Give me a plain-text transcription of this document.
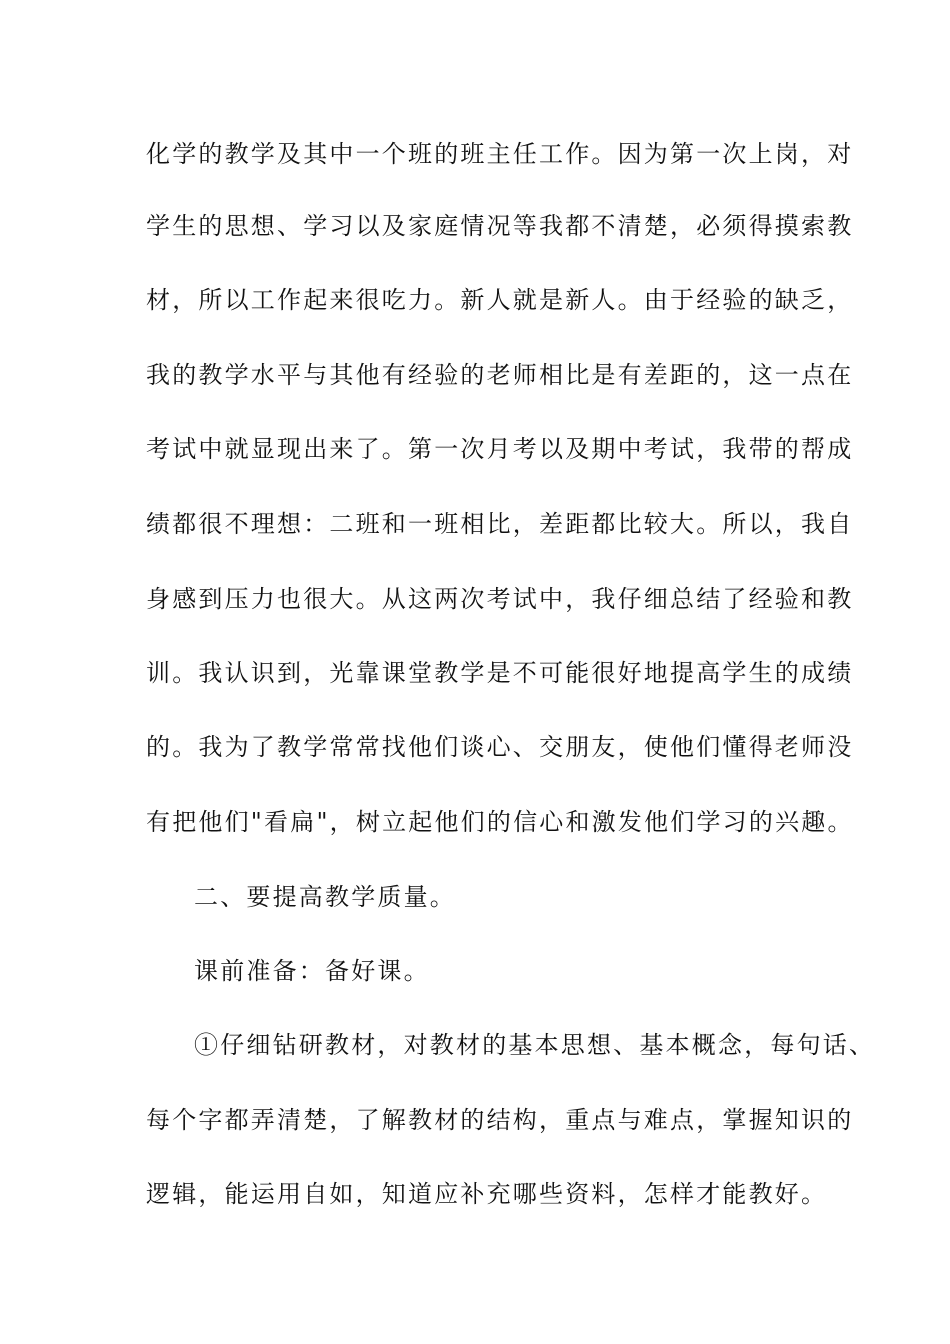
化学的教学及其中一个班的班主任工作。因为第一次上岗，对
学生的思想、学习以及家庭情况等我都不清楚，必须得摸索教
材，所以工作起来很吃力。新人就是新人。由于经验的缺乏，
我的教学水平与其他有经验的老师相比是有差距的，这一点在
考试中就显现出来了。第一次月考以及期中考试，我带的帮成
绩都很不理想：二班和一班相比，差距都比较大。所以，我自
身感到压力也很大。从这两次考试中，我仔细总结了经验和教
训。我认识到，光靠课堂教学是不可能很好地提高学生的成绩
的。我为了教学常常找他们谈心、交朋友，使他们懂得老师没
有把他们"看扁"，树立起他们的信心和激发他们学习的兴趣。
二、要提高教学质量。
课前准备：备好课。
①仔细钻研教材，对教材的基本思想、基本概念，每句话、
每个字都弄清楚，了解教材的结构，重点与难点，掌握知识的
逻辑，能运用自如，知道应补充哪些资料，怎样才能教好。
